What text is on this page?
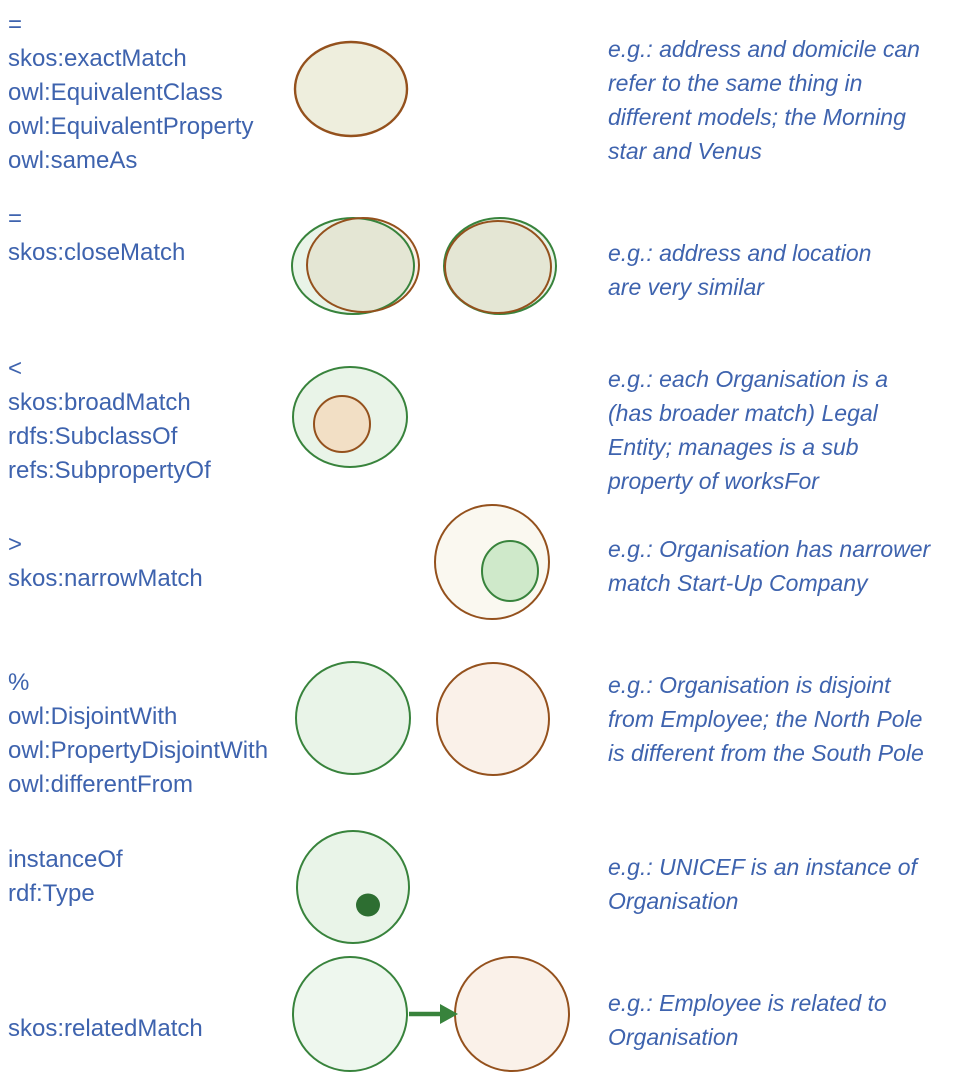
=
skos:exactMatch
owl:EquivalentClass
owl:EquivalentProperty
owl:sameAs
e.g.: address and domicile can
refer to the same thing in
different models; the Morning
star and Venus
=
skos:closeMatch	e.g.: address and location
are very similar
<
skos:broadMatch
rdfs:SubclassOf
refs:SubpropertyOf
e.g.: each Organisation is a
(has broader match) Legal
Entity; manages is a sub
property of worksFor
>
skos:narrowMatch
e.g.: Organisation has narrower
match Start-Up Company
%
owl:DisjointWith
owl:PropertyDisjointWith
owl:differentFrom
e.g.: Organisation is disjoint
from Employee; the North Pole
is different from the South Pole
instanceOf
rdf:Type
e.g.: UNICEF is an instance of
Organisation
skos:relatedMatch
e.g.: Employee is related to
Organisation
